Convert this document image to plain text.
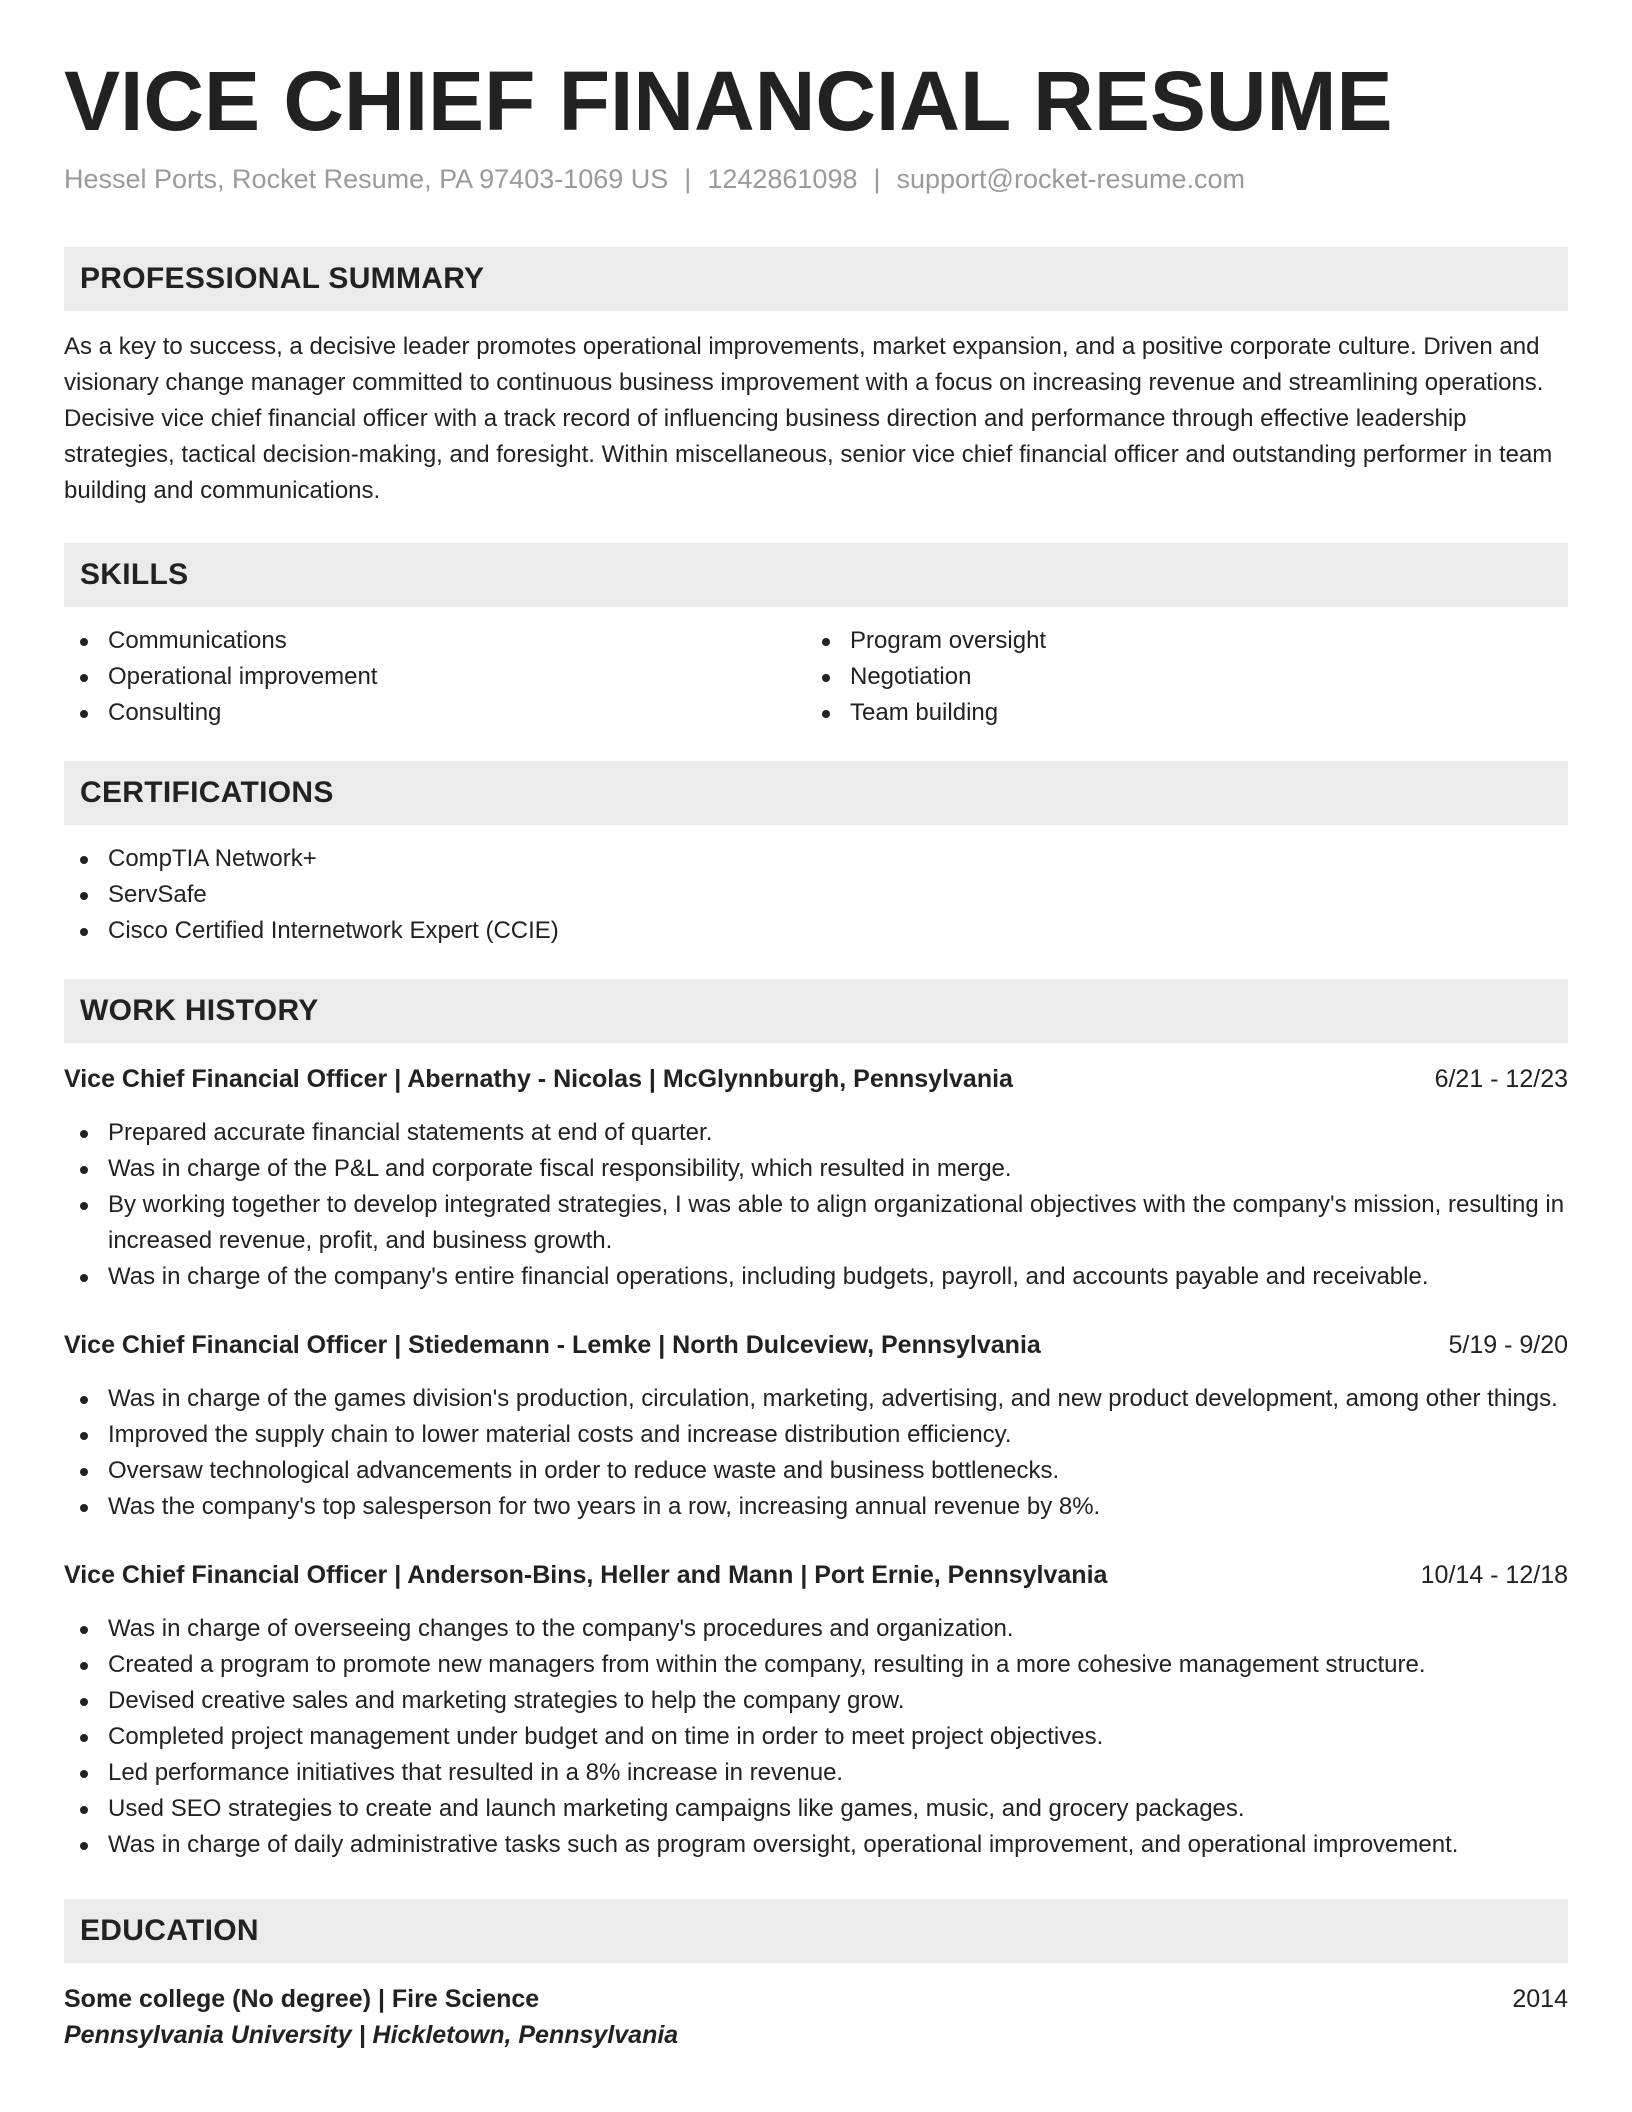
VICE CHIEF FINANCIAL RESUME
Hessel Ports, Rocket Resume, PA 97403-1069 US | 1242861098 | support@rocket-resume.com
PROFESSIONAL SUMMARY

As a key to success, a decisive leader promotes operational improvements, market expansion, and a positive corporate culture. Driven and visionary change manager committed to continuous business improvement with a focus on increasing revenue and streamlining operations. Decisive vice chief financial officer with a track record of influencing business direction and performance through effective leadership strategies, tactical decision-making, and foresight. Within miscellaneous, senior vice chief financial officer and outstanding performer in team building and communications.

SKILLS
Communications
Operational improvement
Consulting
Program oversight
Negotiation
Team building
CERTIFICATIONS
CompTIA Network+
ServSafe
Cisco Certified Internetwork Expert (CCIE)
WORK HISTORY
Vice Chief Financial Officer | Abernathy - Nicolas | McGlynnburgh, Pennsylvania	6/21 - 12/23
Prepared accurate financial statements at end of quarter.
Was in charge of the P&L and corporate fiscal responsibility, which resulted in merge.
By working together to develop integrated strategies, I was able to align organizational objectives with the company's mission, resulting in increased revenue, profit, and business growth.
Was in charge of the company's entire financial operations, including budgets, payroll, and accounts payable and receivable.
Vice Chief Financial Officer | Stiedemann - Lemke | North Dulceview, Pennsylvania	5/19 - 9/20
Was in charge of the games division's production, circulation, marketing, advertising, and new product development, among other things.
Improved the supply chain to lower material costs and increase distribution efficiency.
Oversaw technological advancements in order to reduce waste and business bottlenecks.
Was the company's top salesperson for two years in a row, increasing annual revenue by 8%.
Vice Chief Financial Officer | Anderson-Bins, Heller and Mann | Port Ernie, Pennsylvania	10/14 - 12/18
Was in charge of overseeing changes to the company's procedures and organization.
Created a program to promote new managers from within the company, resulting in a more cohesive management structure.
Devised creative sales and marketing strategies to help the company grow.
Completed project management under budget and on time in order to meet project objectives.
Led performance initiatives that resulted in a 8% increase in revenue.
Used SEO strategies to create and launch marketing campaigns like games, music, and grocery packages.
Was in charge of daily administrative tasks such as program oversight, operational improvement, and operational improvement.
EDUCATION
Some college (No degree) | Fire Science	2014
Pennsylvania University | Hickletown, Pennsylvania
